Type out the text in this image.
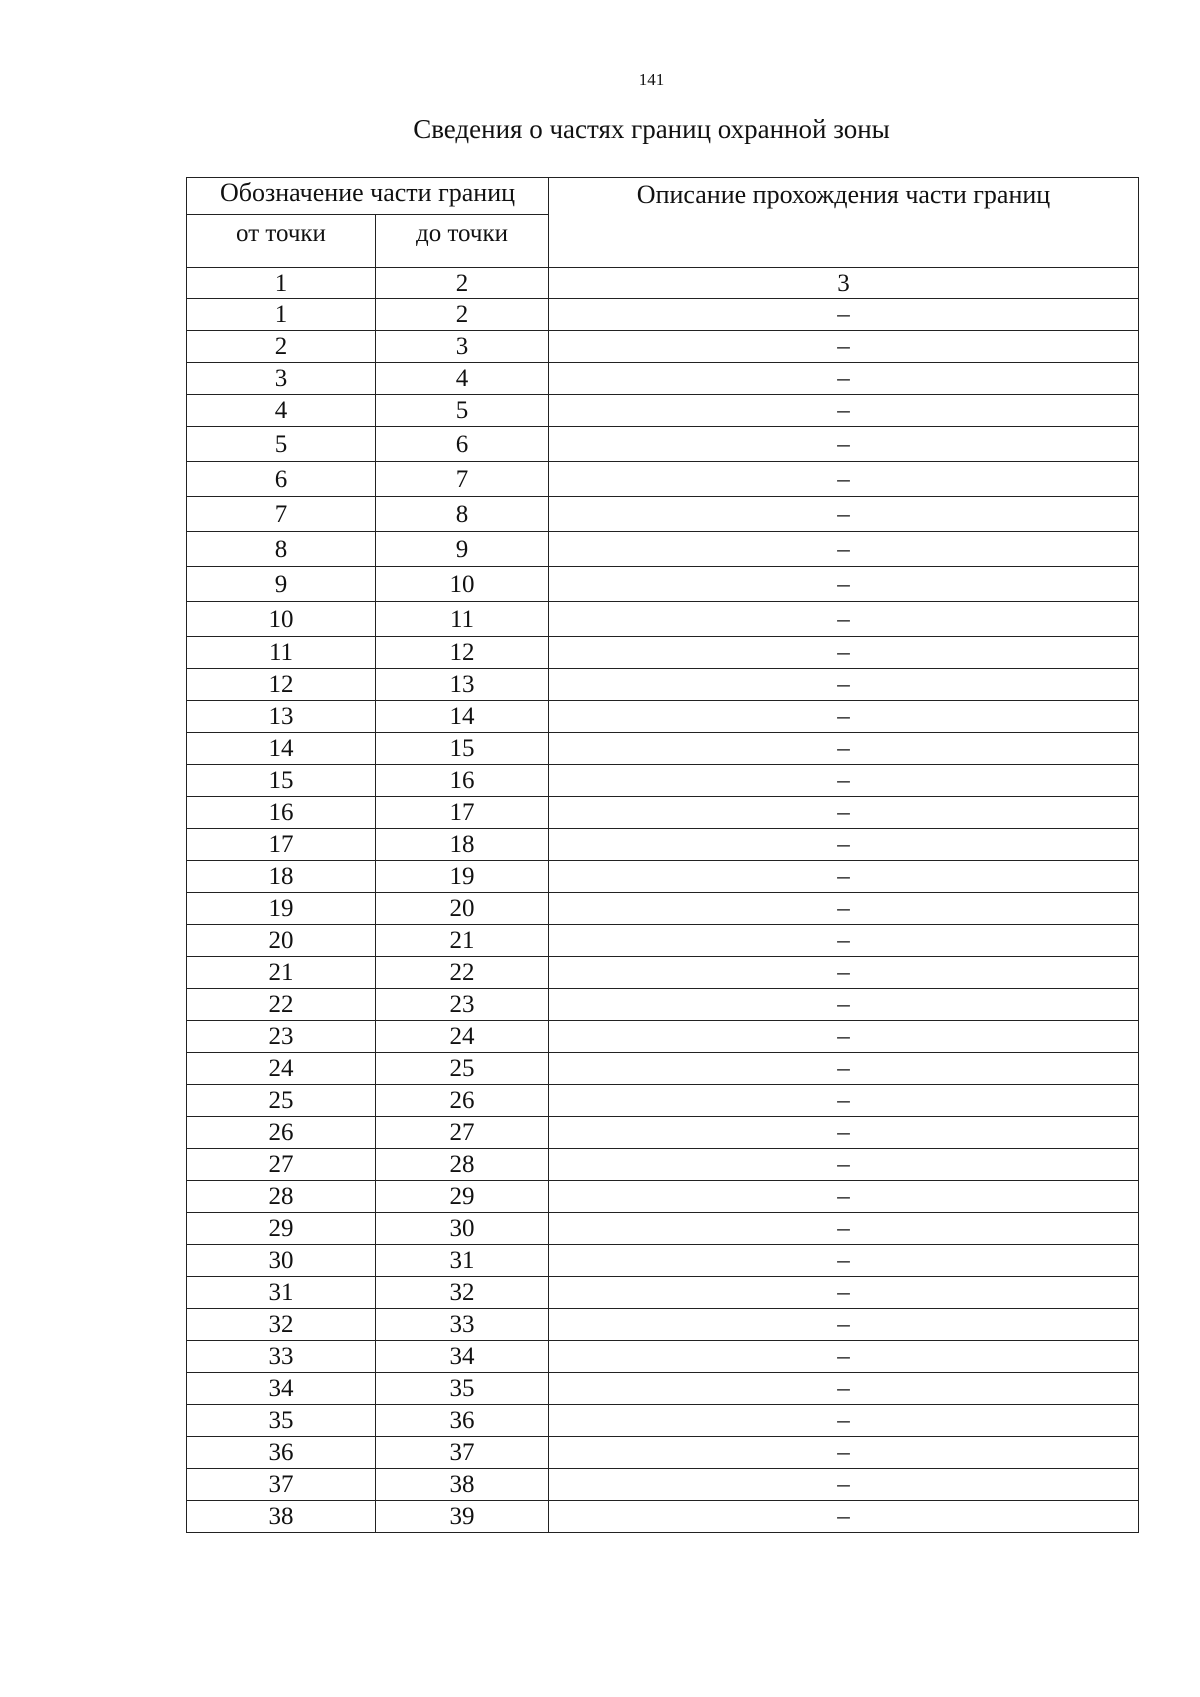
141
Сведения о частях границ охранной зоны
Обозначение части границ		Описание прохождения части границ
от точки	до точки	
1	2	3
1	2	–
2	3	–
3	4	–
4	5	–
5	6	–
6	7	–
7	8	–
8	9	–
9	10	–
10	11	–
11	12	–
12	13	–
13	14	–
14	15	–
15	16	–
16	17	–
17	18	–
18	19	–
19	20	–
20	21	–
21	22	–
22	23	–
23	24	–
24	25	–
25	26	–
26	27	–
27	28	–
28	29	–
29	30	–
30	31	–
31	32	–
32	33	–
33	34	–
34	35	–
35	36	–
36	37	–
37	38	–
38	39	–
